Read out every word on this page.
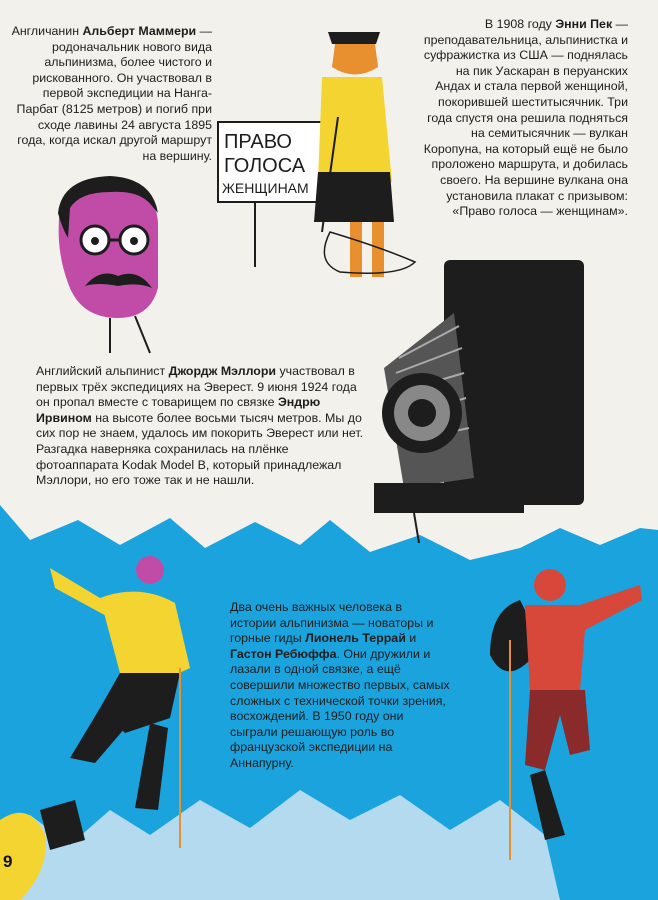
ПРАВО
ГОЛОСА
ЖЕНЩИНАМ
Англичанин Альберт Маммери — родоначальник нового вида альпинизма, более чистого и рискованного. Он участвовал в первой экспедиции на Нанга-Парбат (8125 метров) и погиб при сходе лавины 24 августа 1895 года, когда искал другой маршрут на вершину.
В 1908 году Энни Пек — преподавательница, альпинистка и суфражистка из США — поднялась на пик Уаскаран в перуанских Андах и стала первой женщиной, покорившей шеститысячник. Три года спустя она решила подняться на семитысячник — вулкан Коропуна, на который ещё не было проложено маршрута, и добилась своего. На вершине вулкана она установила плакат с призывом: «Право голоса — женщинам».
Английский альпинист Джордж Мэллори участвовал в первых трёх экспедициях на Эверест. 9 июня 1924 года он пропал вместе с товарищем по связке Эндрю Ирвином на высоте более восьми тысяч метров. Мы до сих пор не знаем, удалось им покорить Эверест или нет. Разгадка наверняка сохранилась на плёнке фотоаппарата Kodak Model B, который принадлежал Мэллори, но его тоже так и не нашли.
Два очень важных человека в истории альпинизма — новаторы и горные гиды Лионель Террай и Гастон Ребюффа. Они дружили и лазали в одной связке, а ещё совершили множество первых, самых сложных с технической точки зрения, восхождений. В 1950 году они сыграли решающую роль во французской экспедиции на Аннапурну.
9
